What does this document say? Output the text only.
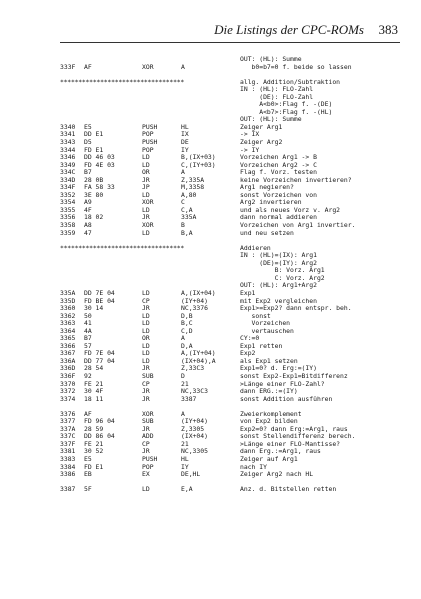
Die Listings der CPC-ROMs 383
OUT: (HL): Summe
333F AF	XOR	A	b0=b7=0 f. beide so lassen
**********************************	allg. Addition/Subtraktion
IN : (HL): FLO-Zahl
(DE): FLO-Zahl
A<b0>:Flag f. -(DE)
A<b7>:Flag f. -(HL)
OUT: (HL): Summe
3340 E5	PUSH	HL	Zeiger Arg1
3341 DD E1	POP	IX	-> IX
3343 D5	PUSH	DE	Zeiger Arg2
3344 FD E1	POP	IY	-> IY
3346 DD 46 03	LD	B,(IX+03)	Vorzeichen Arg1 -> B
3349 FD 4E 03	LD	C,(IY+03)	Vorzeichen Arg2 -> C
334C B7	OR	A	Flag f. Vorz. testen
334D 28 0B	JR	Z,335A	keine Vorzeichen invertieren?
334F FA 58 33	JP	M,3358	Arg1 negieren?
3352 3E 80	LD	A,80	sonst Vorzeichen von
3354 A9	XOR	C	Arg2 invertieren
3355 4F	LD	C,A	und als neues Vorz v. Arg2
3356 18 02	JR	335A	dann normal addieren
3358 A8	XOR	B	Vorzeichen von Arg1 invertier.
3359 47	LD	B,A	und neu setzen
**********************************	Addieren
IN : (HL)=(IX): Arg1
(DE)=(IY): Arg2
B: Vorz. Arg1
C: Vorz. Arg2
OUT: (HL): Arg1+Arg2
335A DD 7E 04	LD	A,(IX+04)	Exp1
335D FD BE 04	CP	(IY+04)	mit Exp2 vergleichen
3360 30 14	JR	NC,3376	Exp1>=Exp2? dann entspr. beh.
3362 50	LD	D,B	sonst
3363 41	LD	B,C	Vorzeichen
3364 4A	LD	C,D	vertauschen
3365 B7	OR	A	CY:=0
3366 57	LD	D,A	Exp1 retten
3367 FD 7E 04	LD	A,(IY+04)	Exp2
336A DD 77 04	LD	(IX+04),A	als Exp1 setzen
336D 28 54	JR	Z,33C3	Exp1=0? d. Erg:=(IY)
336F 92	SUB	D	sonst Exp2-Exp1=Bitdifferenz
3370 FE 21	CP	21	>Länge einer FLO-Zahl?
3372 30 4F	JR	NC,33C3	dann ERG.:=(IY)
3374 18 11	JR	3387	sonst Addition ausführen
3376 AF	XOR	A	Zweierkomplement
3377 FD 96 04	SUB	(IY+04)	von Exp2 bilden
337A 28 59	JR	Z,3305	Exp2=0? dann Erg:=Arg1, raus
337C DD 86 04	ADD	(IX+04)	sonst Stellendifferenz berech.
337F FE 21	CP	21	>Länge einer FLO-Mantisse?
3381 30 52	JR	NC,3305	dann Erg.:=Arg1, raus
3383 E5	PUSH	HL	Zeiger auf Arg1
3384 FD E1	POP	IY	nach IY
3386 EB	EX	DE,HL	Zeiger Arg2 nach HL
3387 5F	LD	E,A	Anz. d. Bitstellen retten
